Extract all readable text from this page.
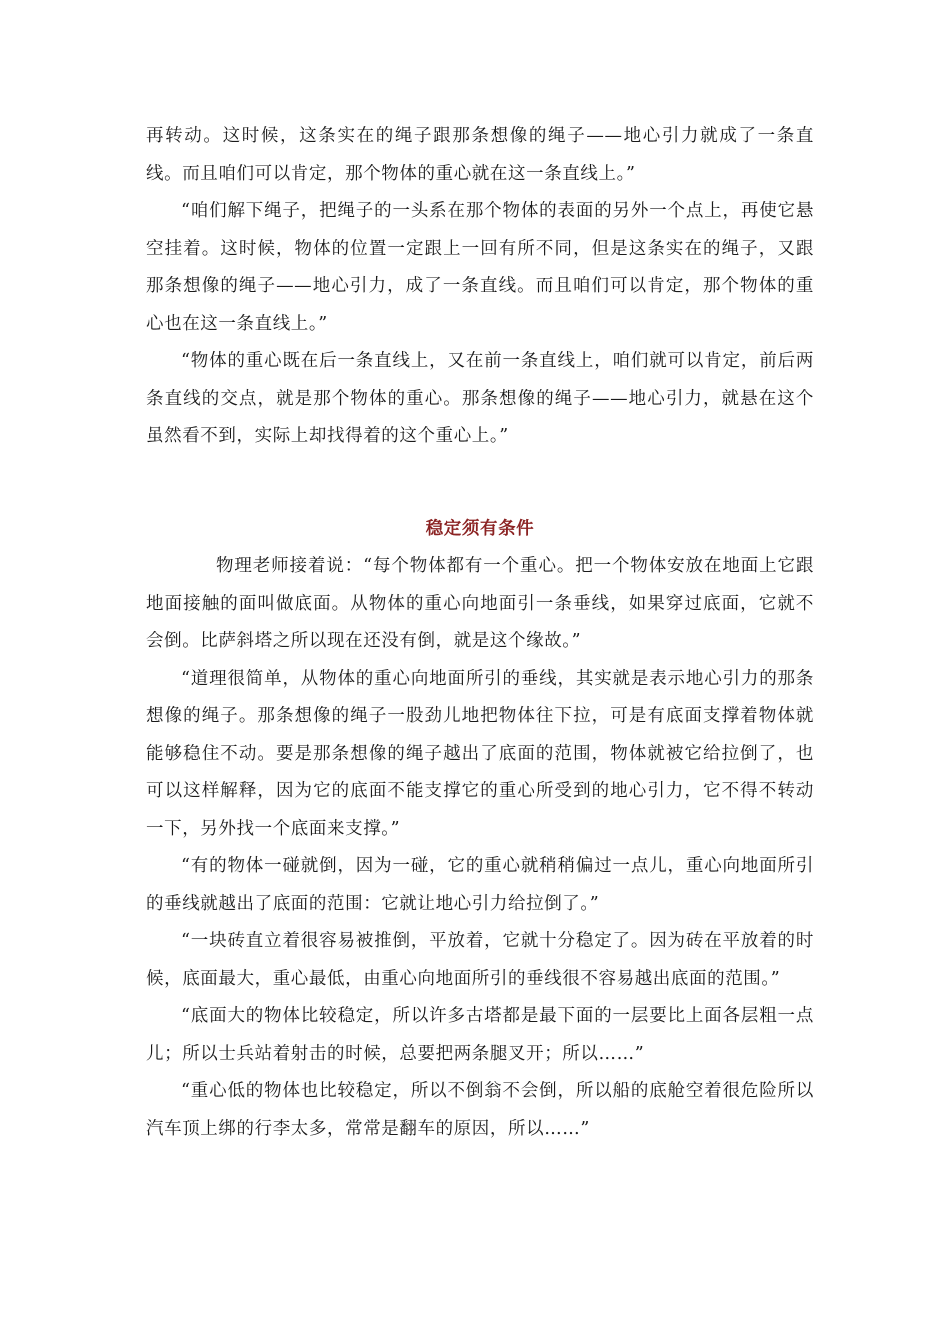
再转动。这时候，这条实在的绳子跟那条想像的绳子——地心引力就成了一条直线。而且咱们可以肯定，那个物体的重心就在这一条直线上。”

“咱们解下绳子，把绳子的一头系在那个物体的表面的另外一个点上，再使它悬空挂着。这时候，物体的位置一定跟上一回有所不同，但是这条实在的绳子，又跟那条想像的绳子——地心引力，成了一条直线。而且咱们可以肯定，那个物体的重心也在这一条直线上。”

“物体的重心既在后一条直线上，又在前一条直线上，咱们就可以肯定，前后两条直线的交点，就是那个物体的重心。那条想像的绳子——地心引力，就悬在这个虽然看不到，实际上却找得着的这个重心上。”

稳定须有条件

物理老师接着说：“每个物体都有一个重心。把一个物体安放在地面上它跟地面接触的面叫做底面。从物体的重心向地面引一条垂线，如果穿过底面，它就不会倒。比萨斜塔之所以现在还没有倒，就是这个缘故。”

“道理很简单，从物体的重心向地面所引的垂线，其实就是表示地心引力的那条想像的绳子。那条想像的绳子一股劲儿地把物体往下拉，可是有底面支撑着物体就能够稳住不动。要是那条想像的绳子越出了底面的范围，物体就被它给拉倒了，也可以这样解释，因为它的底面不能支撑它的重心所受到的地心引力，它不得不转动一下，另外找一个底面来支撑。”

“有的物体一碰就倒，因为一碰，它的重心就稍稍偏过一点儿，重心向地面所引的垂线就越出了底面的范围：它就让地心引力给拉倒了。”

“一块砖直立着很容易被推倒，平放着，它就十分稳定了。因为砖在平放着的时候，底面最大，重心最低，由重心向地面所引的垂线很不容易越出底面的范围。”

“底面大的物体比较稳定，所以许多古塔都是最下面的一层要比上面各层粗一点儿；所以士兵站着射击的时候，总要把两条腿叉开；所以……”

“重心低的物体也比较稳定，所以不倒翁不会倒，所以船的底舱空着很危险所以汽车顶上绑的行李太多，常常是翻车的原因，所以……”
